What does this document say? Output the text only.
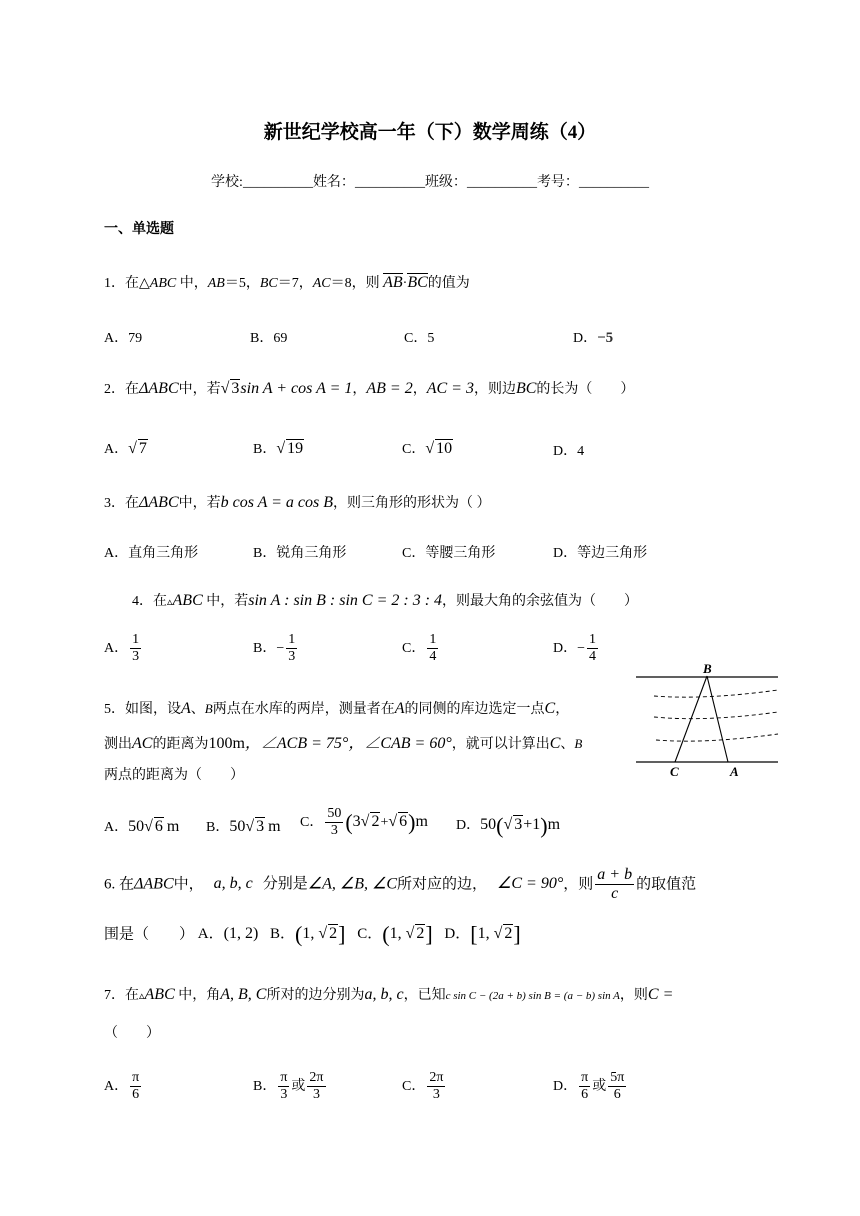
新世纪学校高一年（下）数学周练（4）
学校:__________姓名：__________班级：__________考号：__________
一、单选题
1．在△ABC 中，AB＝5，BC＝7，AC＝8，则 AB·BC的值为
A．79	B．69	C．5	D．−5
2．在ΔABC中，若√ 3sin A + cos A = 1，AB = 2，AC = 3，则边BC的长为（　　）
A．√ 7	B．√ 19	C．√ 10	D．4
3．在ΔABC中，若b cos A = a cos B，则三角形的形状为（ ）
A．直角三角形	B．锐角三角形	C．等腰三角形	D．等边三角形
4．在▵ABC 中，若sin A : sin B : sin C = 2 : 3 : 4，则最大角的余弦值为（　　）
A． $\frac{1}{3}$	B．− $\frac{1}{3}$	C． $\frac{1}{4}$	D．− $\frac{1}{4}$
5．如图，设A、B两点在水库的两岸，测量者在A的同侧的库边选定一点C，
测出AC的距离为100m，∠ACB = 75°，∠CAB = 60°，就可以计算出C、B
两点的距离为（　　）
B
C	A
A．50√ 6 m B．50√ 3 m C． $\frac{50}{3} (3√$ 2+√ 6)m D．50(√ 3+1)m
6. 在ΔABC中， a, b, c 分别是∠A, ∠B, ∠C所对应的边， ∠C = 90°，则 $\frac{a + b}{c}$ 的取值范
围是（　　） A．(1, 2) B．(1, √ 2] C．(1, √ 2] D．[1, √ 2]
7．在▵ABC 中，角A, B, C所对的边分别为a, b, c，已知c sin C − (2a + b) sin B = (a − b) sin A，则C =
（　　）
A． $\frac{\pi}{6}$	B． $\frac{\pi}{3}$ 或 $\frac{2\pi}{3}$	C． $\frac{2\pi}{3}$	D． $\frac{\pi}{6}$ 或 $\frac{5\pi}{6}$
